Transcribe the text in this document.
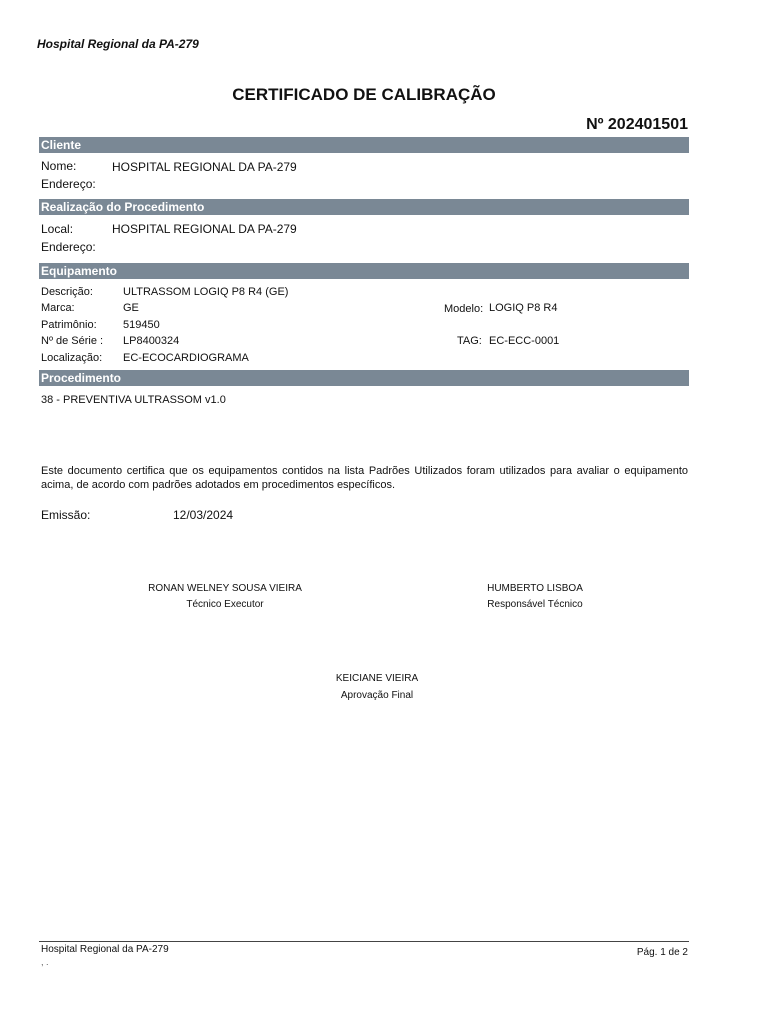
Hospital Regional da PA-279
CERTIFICADO DE CALIBRAÇÃO
Nº 202401501
Cliente
Nome:	HOSPITAL REGIONAL DA PA-279
Endereço:
Realização do Procedimento
Local:	HOSPITAL REGIONAL DA PA-279
Endereço:
Equipamento
Descrição:	ULTRASSOM LOGIQ P8 R4 (GE)
Marca:	GE	Modelo: LOGIQ P8 R4
Patrimônio: 519450
Nº de Série : LP8400324	TAG: EC-ECC-0001
Localização: EC-ECOCARDIOGRAMA
Procedimento
38 - PREVENTIVA ULTRASSOM v1.0
Este documento certifica que os equipamentos contidos na lista Padrões Utilizados foram utilizados para avaliar o equipamento acima, de acordo com padrões adotados em procedimentos específicos.
Emissão:	12/03/2024
RONAN WELNEY SOUSA VIEIRA
Técnico Executor
HUMBERTO LISBOA
Responsável Técnico
KEICIANE VIEIRA
Aprovação Final
Hospital Regional da PA-279	Pág. 1 de 2
, .
